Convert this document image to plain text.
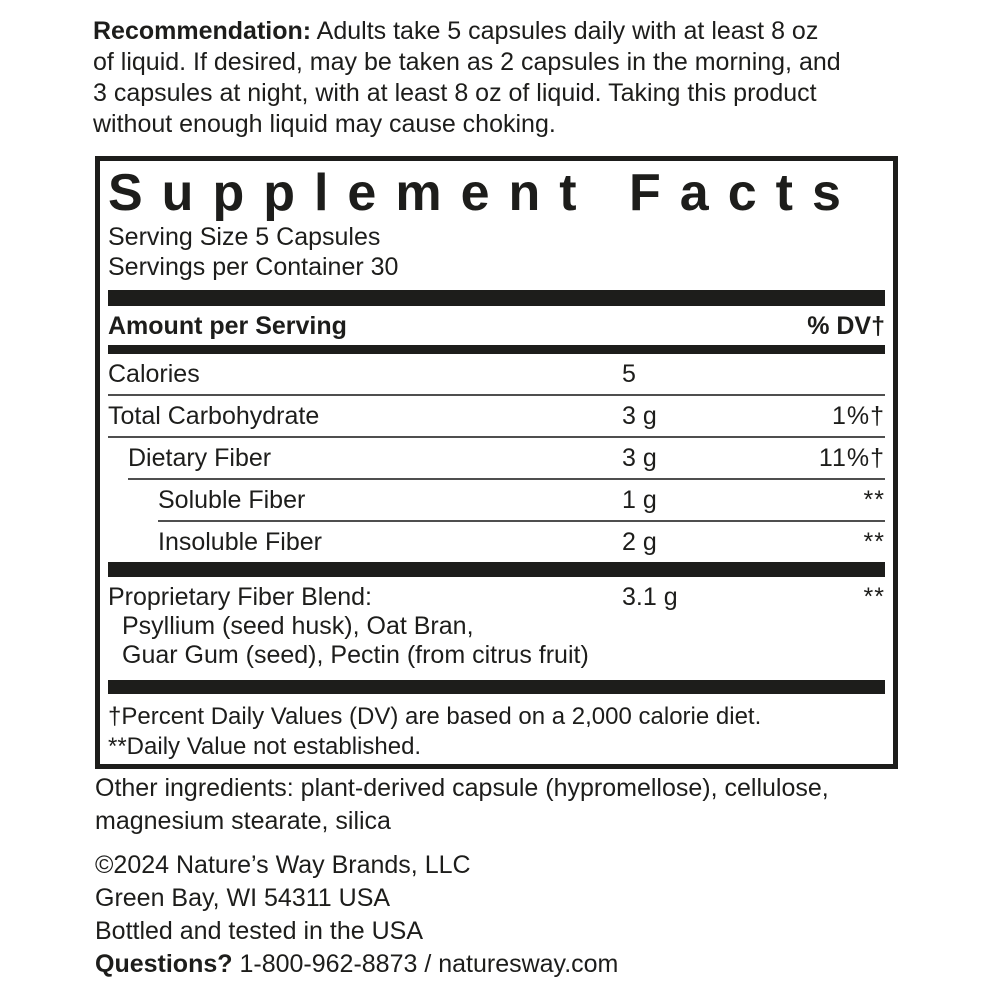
Recommendation: Adults take 5 capsules daily with at least 8 oz
of liquid. If desired, may be taken as 2 capsules in the morning, and
3 capsules at night, with at least 8 oz of liquid. Taking this product
without enough liquid may cause choking.
Supplement Facts
Serving Size 5 Capsules
Servings per Container 30
Amount per Serving	% DV†
Calories	5
Total Carbohydrate	3 g	1%†
Dietary Fiber	3 g	11%†
Soluble Fiber	1 g	**
Insoluble Fiber	2 g	**
Proprietary Fiber Blend:	3.1 g	**
Psyllium (seed husk), Oat Bran,
Guar Gum (seed), Pectin (from citrus fruit)
†Percent Daily Values (DV) are based on a 2,000 calorie diet.
**Daily Value not established.
Other ingredients: plant-derived capsule (hypromellose), cellulose,
magnesium stearate, silica
©2024 Nature’s Way Brands, LLC
Green Bay, WI 54311 USA
Bottled and tested in the USA
Questions? 1-800-962-8873 / naturesway.com
